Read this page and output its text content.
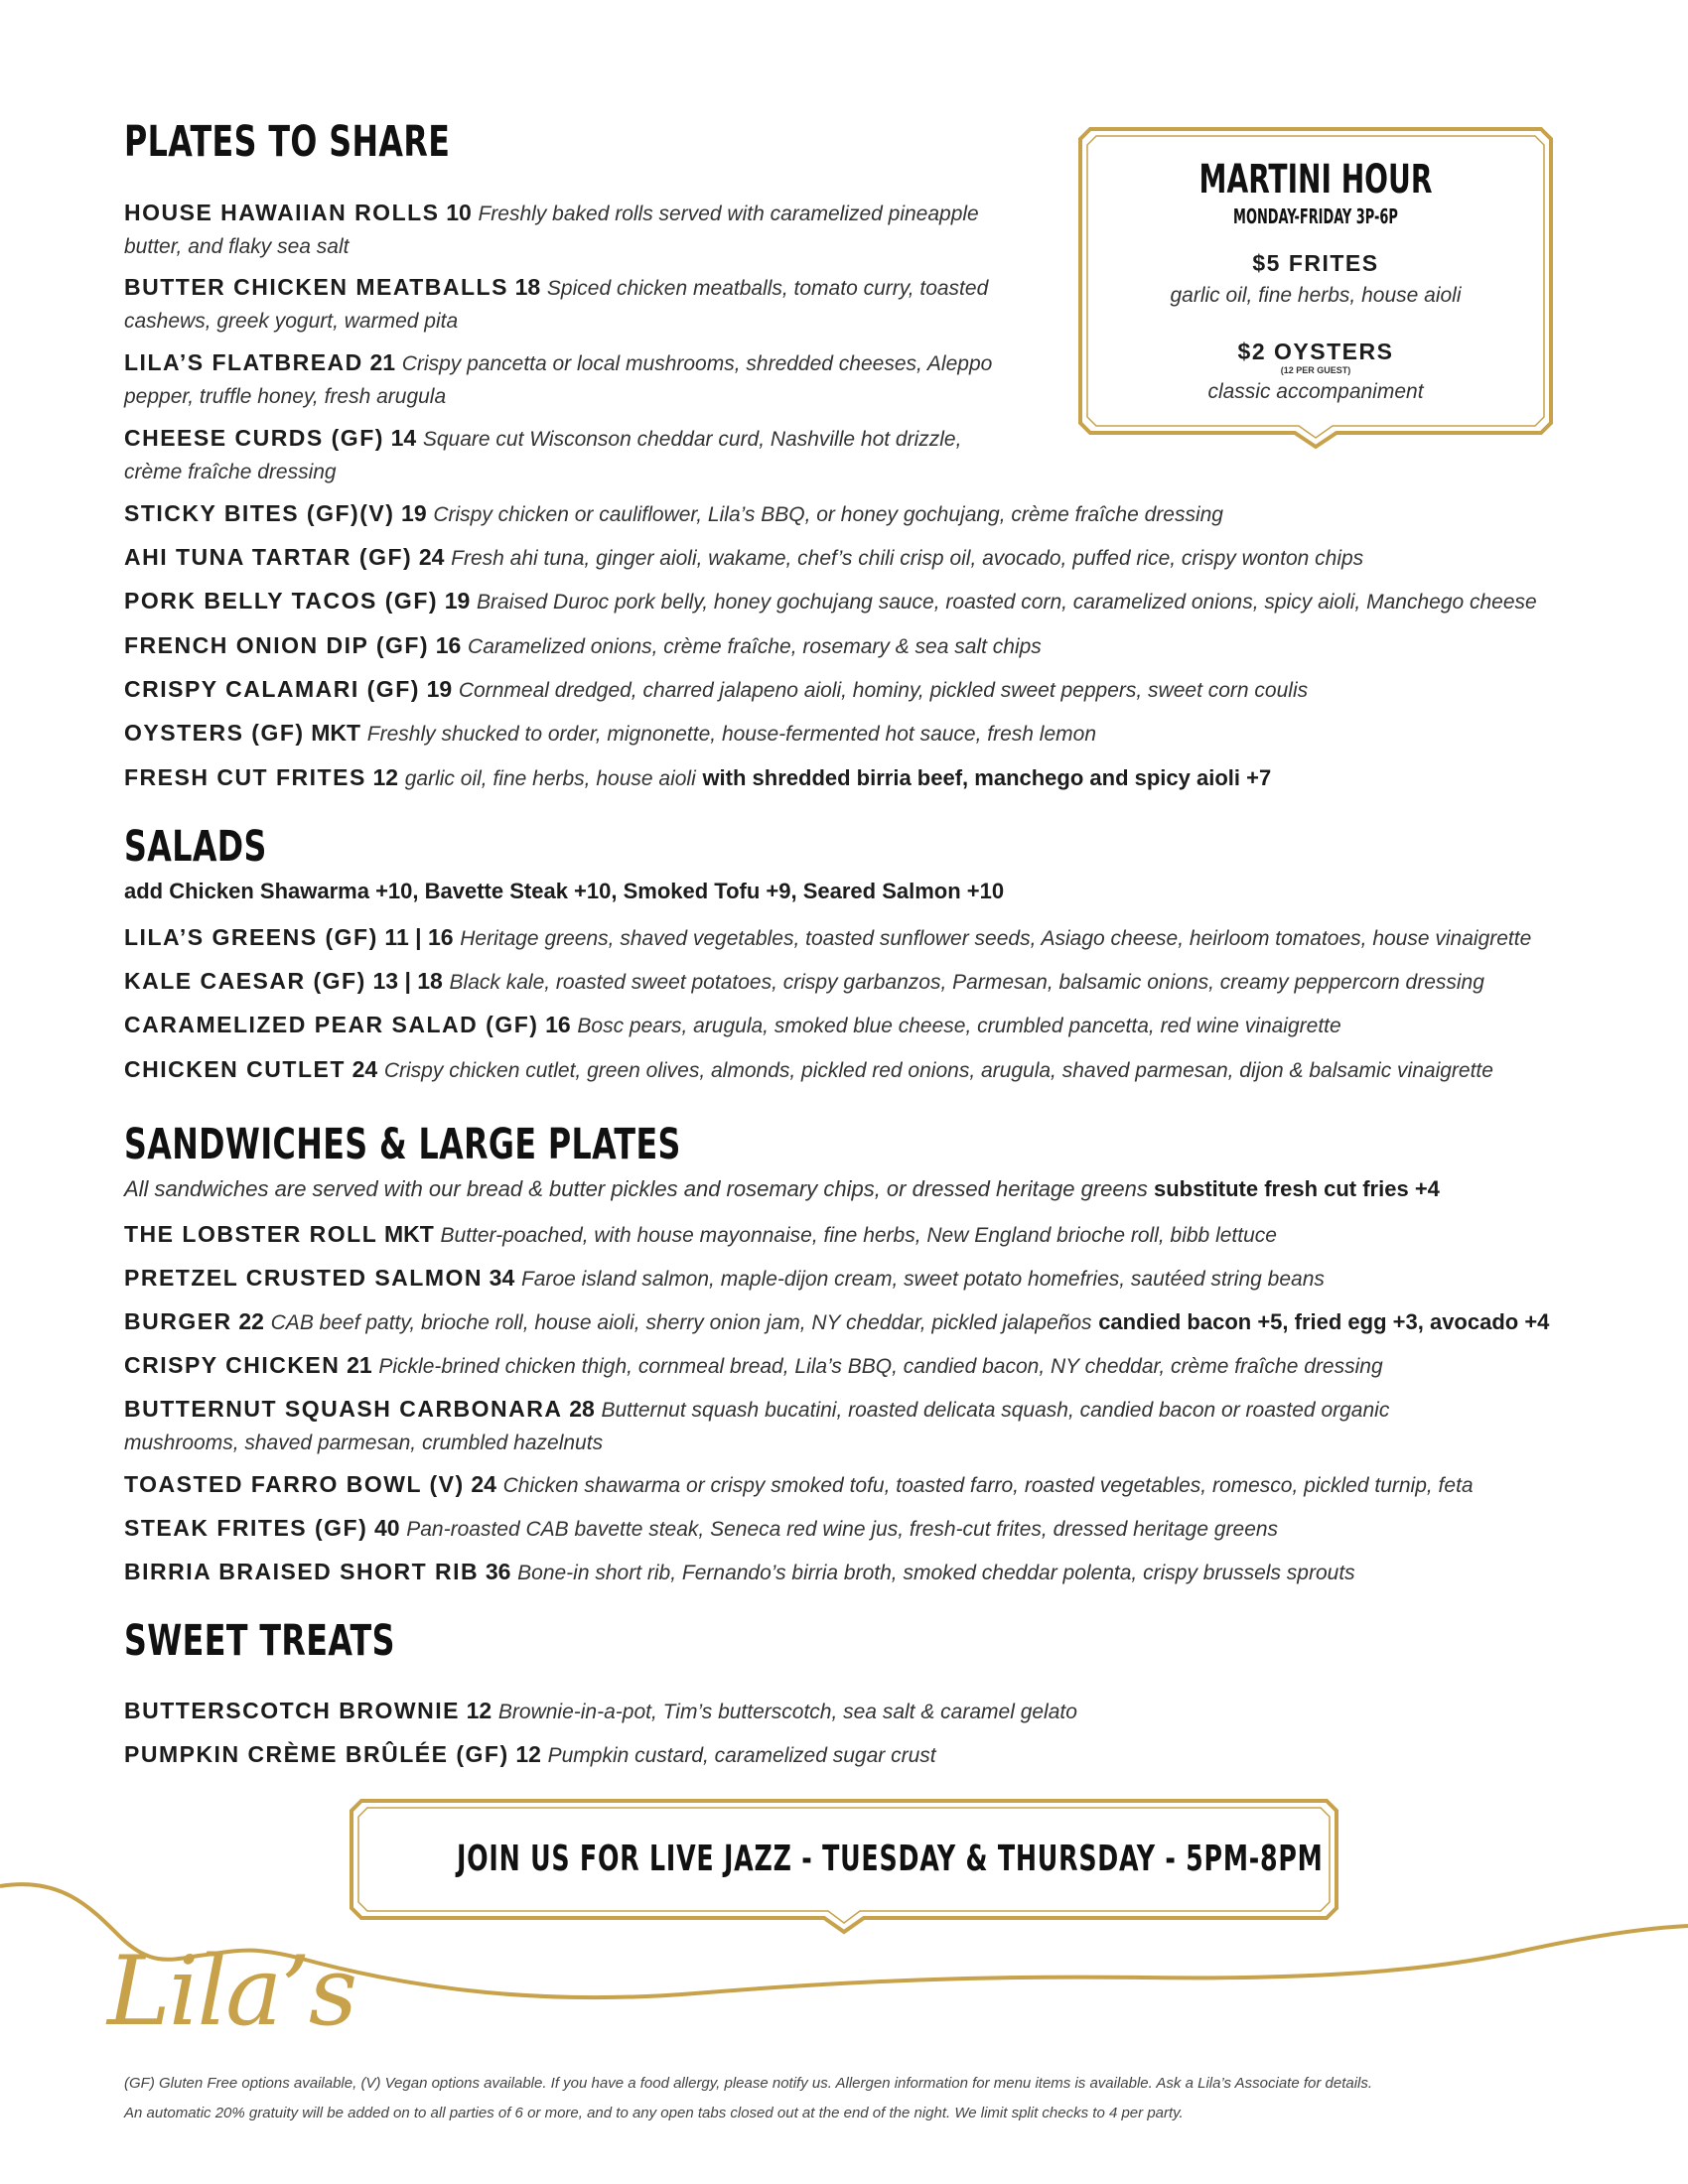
PLATES TO SHARE

HOUSE HAWAIIAN ROLLS 10 Freshly baked rolls served with caramelized pineapple
butter, and flaky sea salt

BUTTER CHICKEN MEATBALLS 18 Spiced chicken meatballs, tomato curry, toasted
cashews, greek yogurt, warmed pita

LILA’S FLATBREAD 21 Crispy pancetta or local mushrooms, shredded cheeses, Aleppo
pepper, truffle honey, fresh arugula

CHEESE CURDS (GF) 14 Square cut Wisconson cheddar curd, Nashville hot drizzle,
crème fraîche dressing

STICKY BITES (GF)(V) 19 Crispy chicken or cauliflower, Lila’s BBQ, or honey gochujang, crème fraîche dressing

AHI TUNA TARTAR (GF) 24 Fresh ahi tuna, ginger aioli, wakame, chef’s chili crisp oil, avocado, puffed rice, crispy wonton chips

PORK BELLY TACOS (GF) 19 Braised Duroc pork belly, honey gochujang sauce, roasted corn, caramelized onions, spicy aioli, Manchego cheese

FRENCH ONION DIP (GF) 16 Caramelized onions, crème fraîche, rosemary & sea salt chips

CRISPY CALAMARI (GF) 19 Cornmeal dredged, charred jalapeno aioli, hominy, pickled sweet peppers, sweet corn coulis

OYSTERS (GF) MKT Freshly shucked to order, mignonette, house-fermented hot sauce, fresh lemon

FRESH CUT FRITES 12 garlic oil, fine herbs, house aioli with shredded birria beef, manchego and spicy aioli +7

MARTINI HOUR
MONDAY-FRIDAY 3P-6P
$5 FRITES
garlic oil, fine herbs, house aioli
$2 OYSTERS
(12 PER GUEST)
classic accompaniment
SALADS

add Chicken Shawarma +10, Bavette Steak +10, Smoked Tofu +9, Seared Salmon +10

LILA’S GREENS (GF) 11 | 16 Heritage greens, shaved vegetables, toasted sunflower seeds, Asiago cheese, heirloom tomatoes, house vinaigrette

KALE CAESAR (GF) 13 | 18 Black kale, roasted sweet potatoes, crispy garbanzos, Parmesan, balsamic onions, creamy peppercorn dressing

CARAMELIZED PEAR SALAD (GF) 16 Bosc pears, arugula, smoked blue cheese, crumbled pancetta, red wine vinaigrette

CHICKEN CUTLET 24 Crispy chicken cutlet, green olives, almonds, pickled red onions, arugula, shaved parmesan, dijon & balsamic vinaigrette

SANDWICHES & LARGE PLATES

All sandwiches are served with our bread & butter pickles and rosemary chips, or dressed heritage greens substitute fresh cut fries +4

THE LOBSTER ROLL MKT Butter-poached, with house mayonnaise, fine herbs, New England brioche roll, bibb lettuce

PRETZEL CRUSTED SALMON 34 Faroe island salmon, maple-dijon cream, sweet potato homefries, sautéed string beans

BURGER 22 CAB beef patty, brioche roll, house aioli, sherry onion jam, NY cheddar, pickled jalapeños candied bacon +5, fried egg +3, avocado +4

CRISPY CHICKEN 21 Pickle-brined chicken thigh, cornmeal bread, Lila’s BBQ, candied bacon, NY cheddar, crème fraîche dressing

BUTTERNUT SQUASH CARBONARA 28 Butternut squash bucatini, roasted delicata squash, candied bacon or roasted organic
mushrooms, shaved parmesan, crumbled hazelnuts

TOASTED FARRO BOWL (V) 24 Chicken shawarma or crispy smoked tofu, toasted farro, roasted vegetables, romesco, pickled turnip, feta

STEAK FRITES (GF) 40 Pan-roasted CAB bavette steak, Seneca red wine jus, fresh-cut frites, dressed heritage greens

BIRRIA BRAISED SHORT RIB 36 Bone-in short rib, Fernando’s birria broth, smoked cheddar polenta, crispy brussels sprouts

SWEET TREATS

BUTTERSCOTCH BROWNIE 12 Brownie-in-a-pot, Tim’s butterscotch, sea salt & caramel gelato

PUMPKIN CRÈME BRÛLÉE (GF) 12 Pumpkin custard, caramelized sugar crust

JOIN US FOR LIVE JAZZ - TUESDAY & THURSDAY - 5PM-8PM
Lila’s

(GF) Gluten Free options available, (V) Vegan options available. If you have a food allergy, please notify us. Allergen information for menu items is available. Ask a Lila’s Associate for details.

An automatic 20% gratuity will be added on to all parties of 6 or more, and to any open tabs closed out at the end of the night. We limit split checks to 4 per party.
